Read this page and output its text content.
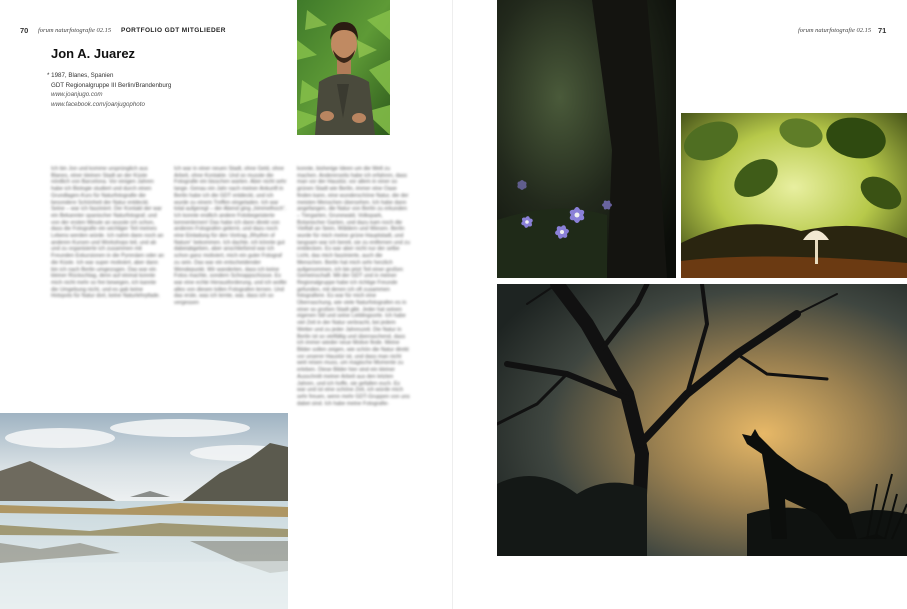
70 forum naturfotografie 02.15 PORTFOLIO GDT MITGLIEDER
Jon A. Juarez
* 1987, Blanes, Spanien
GDT Regionalgruppe III Berlin/Brandenburg
www.joanjugo.com
www.facebook.com/joanjugophoto
Ich bin Jon und komme ursprünglich aus Blanes, einer kleinen Stadt an der Küste nördlich von Barcelona. Vor einigen Jahren habe ich Biologie studiert und durch einen Grundlagen-Kurs für Naturfotografie die besondere Schönheit der Natur entdeckt. Seine – war ich fasziniert. Der Kontakt der war ein Bekannter spanischer Naturfotograf, und von der ersten Minute an wusste ich schon, dass die Fotografie ein wichtiger Teil meines Lebens werden würde. Ich nahm dann noch an anderen Kursen und Workshops teil, und ab und zu organisierte ich zusammen mit Freunden Exkursionen in die Pyrenäen oder an die Küste. Ich war super motiviert, aber dann bin ich nach Berlin umgezogen. Das war ein kleiner Rückschlag, denn auf einmal konnte mich nicht mehr so frei bewegen, ich kannte die Umgebung nicht, und es gab keine Hotspots für Natur dort, keine Naturlehrpfade.
Ich war in einer neuen Stadt, ohne Geld, ohne Arbeit, ohne Kontakte. Und so musste die Fotografie ein bisschen warten. Aber nicht sehr lange. Genau ein Jahr nach meiner Ankunft in Berlin habe ich die GDT entdeckt, und ich wurde zu einem Treffen eingeladen. Ich war total aufgeregt – der Abend ging „himmelhoch“. Ich konnte endlich andere Fotobegeisterte kennenlernen! Das habe ich dann direkt von anderen Fotografen gelernt, und dazu noch eine Einladung für den Vortrag „Rhythm of Nature“ bekommen. Ich dachte, ich könnte gut dabeiabgeben, aber anschließend war ich schon ganz motiviert, mich ein guter Fotograf zu sein. Das war ein entscheidender Wendepunkt. Wir wanderten, dass ich keine Fotos machte, sondern Schnappschüsse. Es war eine echte Herausforderung, und ich wollte alles von diesen tollen Fotografen lernen. Und das erste, was ich lernte, war, dass ich so vergessen
konnte, bisherige Ideen um die Welt zu machen. Andererseits habe ich erfahren, dass man vor der Haustür, vor allem in einer so grünen Stadt wie Berlin, immer eine Oase finden kann, eine wunderschöne Natur, die der meisten Menschen übersehen. Ich habe dann angefangen, die Natur von Berlin zu erkunden – Tiergarten, Grunewald, Volkspark, Botanischer Garten, und dazu kam noch die Vielfalt an Seen, Wäldern und Wiesen. Berlin wurde für mich meine grüne Hauptstadt, und langsam war ich bereit, sie zu entfernen und zu entdecken. Es war aber nicht nur der selbe Licht, das mich faszinierte, auch die Menschen. Berlin hat mich sehr herzlich aufgenommen, ich bin jetzt Teil einer großen Gemeinschaft. Mit der GDT und in meiner Regionalgruppe habe ich richtige Freunde gefunden, mit denen ich oft zusammen fotografiere. Es war für mich eine Überraschung, wie viele Naturfotografen es in einer so großen Stadt gibt. Jeder hat seinen eigenen Stil und seine Lieblingsorte. Ich habe viel Zeit in der Natur verbracht, bei jedem Wetter und zu jeder Jahreszeit. Die Natur in Berlin ist so vielfältig und überraschend, dass ich immer wieder neue Motive finde. Meine Bilder sollen zeigen, wie schön die Natur direkt vor unserer Haustür ist, und dass man nicht weit reisen muss, um magische Momente zu erleben. Diese Bilder hier sind ein kleiner Ausschnitt meiner Arbeit aus den letzten Jahren, und ich hoffe, sie gefallen euch. Es war und ist eine schöne Zeit, ich würde mich sehr freuen, wenn mehr GDT-Gruppen von uns dabei sind. Ich habe meine Fotografie-
forum naturfotografie 02.15 71
